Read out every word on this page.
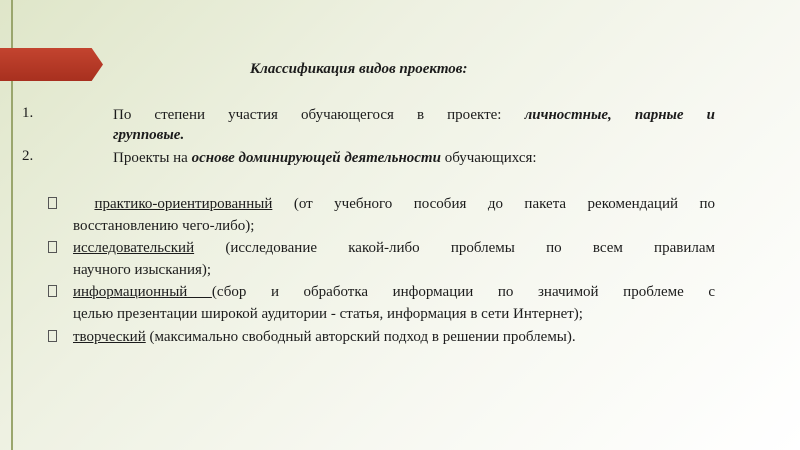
Классификация видов проектов:
1.	По степени участия обучающегося в проекте: личностные, парные и
групповые.
2.	Проекты на основе доминирующей деятельности обучающихся:
практико-ориентированный (от учебного пособия до пакета рекомендаций по
восстановлению чего-либо);
исследовательский (исследование какой-либо проблемы по всем правилам
научного изыскания);
информационный (сбор и обработка информации по значимой проблеме с
целью презентации широкой аудитории - статья, информация в сети Интернет);
творческий (максимально свободный авторский подход в решении проблемы).
